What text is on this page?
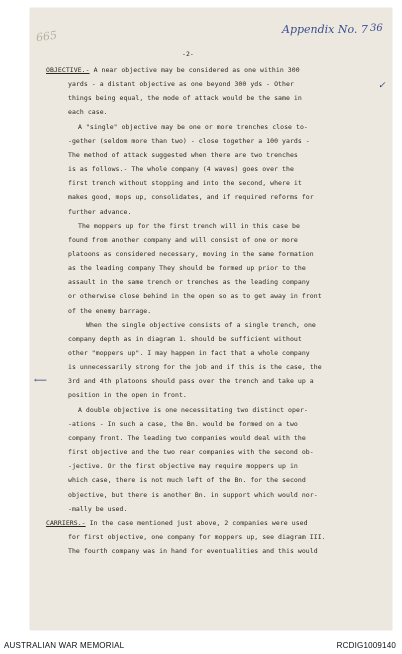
665	Appendix No. 7 36
-2-
✓
⟵
OBJECTIVE.- A near objective may be considered as one within 300
yards - a distant objective as one beyond 300 yds - Other
things being equal, the mode of attack would be the same in
each case.
A "single" objective may be one or more trenches close to-
-gether (seldom more than two) - close together a 100 yards -
The method of attack suggested when there are two trenches
is as follows.- The whole company (4 waves) goes over the
first trench without stopping and into the second, where it
makes good, mops up, consolidates, and if required reforms for
further advance.
The moppers up for the first trench will in this case be
found from another company and will consist of one or more
platoons as considered necessary, moving in the same formation
as the leading company They should be formed up prior to the
assault in the same trench or trenches as the leading company
or otherwise close behind in the open so as to get away in front
of the enemy barrage.
When the single objective consists of a single trench, one
company depth as in diagram 1. should be sufficient without
other "moppers up". I may happen in fact that a whole company
is unnecessarily strong for the job and if this is the case, the
3rd and 4th platoons should pass over the trench and take up a
position in the open in front.
A double objective is one necessitating two distinct oper-
-ations - In such a case, the Bn. would be formed on a two
company front. The leading two companies would deal with the
first objective and the two rear companies with the second ob-
-jective. Or the first objective may require moppers up in
which case, there is not much left of the Bn. for the second
objective, but there is another Bn. in support which would nor-
-mally be used.
CARRIERS.- In the case mentioned just above, 2 companies were used
for first objective, one company for moppers up, see diagram III.
The fourth company was in hand for eventualities and this would
AUSTRALIAN WAR MEMORIAL	RCDIG1009140
